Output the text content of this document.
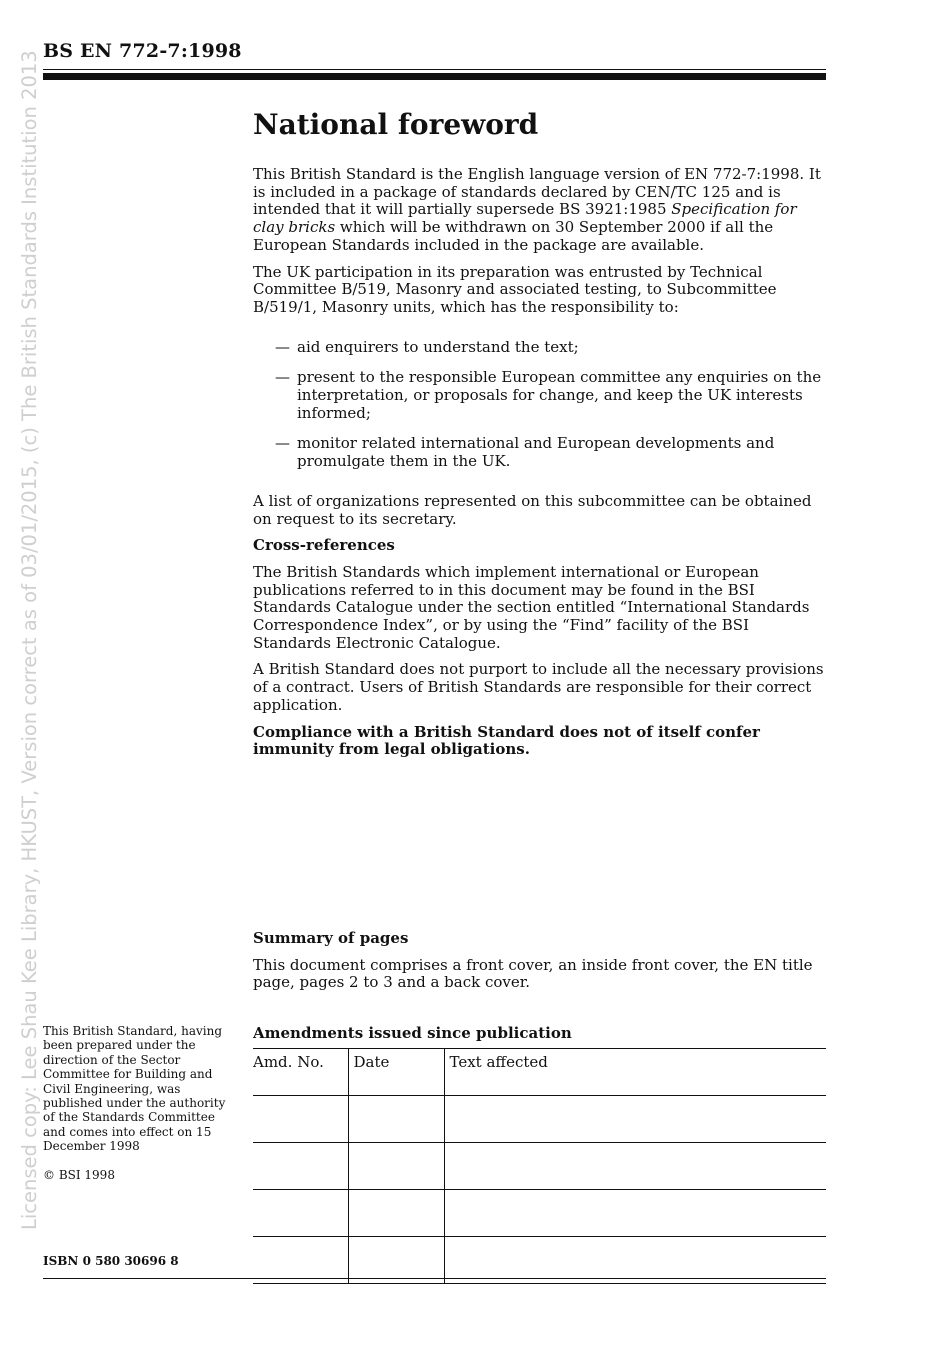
BS EN 772-7:1998
Licensed copy: Lee Shau Kee Library, HKUST, Version correct as of 03/01/2015, (c) The British Standards Institution 2013	National foreword

This British Standard is the English language version of EN 772-7:1998. It is included in a package of standards declared by CEN/TC 125 and is intended that it will partially supersede BS 3921:1985 Specification for clay bricks which will be withdrawn on 30 September 2000 if all the European Standards included in the package are available.

The UK participation in its preparation was entrusted by Technical Committee B/519, Masonry and associated testing, to Subcommittee B/519/1, Masonry units, which has the responsibility to:

— aid enquirers to understand the text;
— present to the responsible European committee any enquiries on the interpretation, or proposals for change, and keep the UK interests informed;
— monitor related international and European developments and promulgate them in the UK.

A list of organizations represented on this subcommittee can be obtained on request to its secretary.

Cross-references

The British Standards which implement international or European publications referred to in this document may be found in the BSI Standards Catalogue under the section entitled “International Standards Correspondence Index”, or by using the “Find” facility of the BSI Standards Electronic Catalogue.

A British Standard does not purport to include all the necessary provisions of a contract. Users of British Standards are responsible for their correct application.

Compliance with a British Standard does not of itself confer immunity from legal obligations.

Summary of pages

This document comprises a front cover, an inside front cover, the EN title page, pages 2 to 3 and a back cover.

This British Standard, having been prepared under the direction of the Sector Committee for Building and Civil Engineering, was published under the authority of the Standards Committee and comes into effect on 15 December 1998

© BSI 1998
ISBN 0 580 30696 8
Amendments issued since publication
Amd. No.	Date	Text affected
